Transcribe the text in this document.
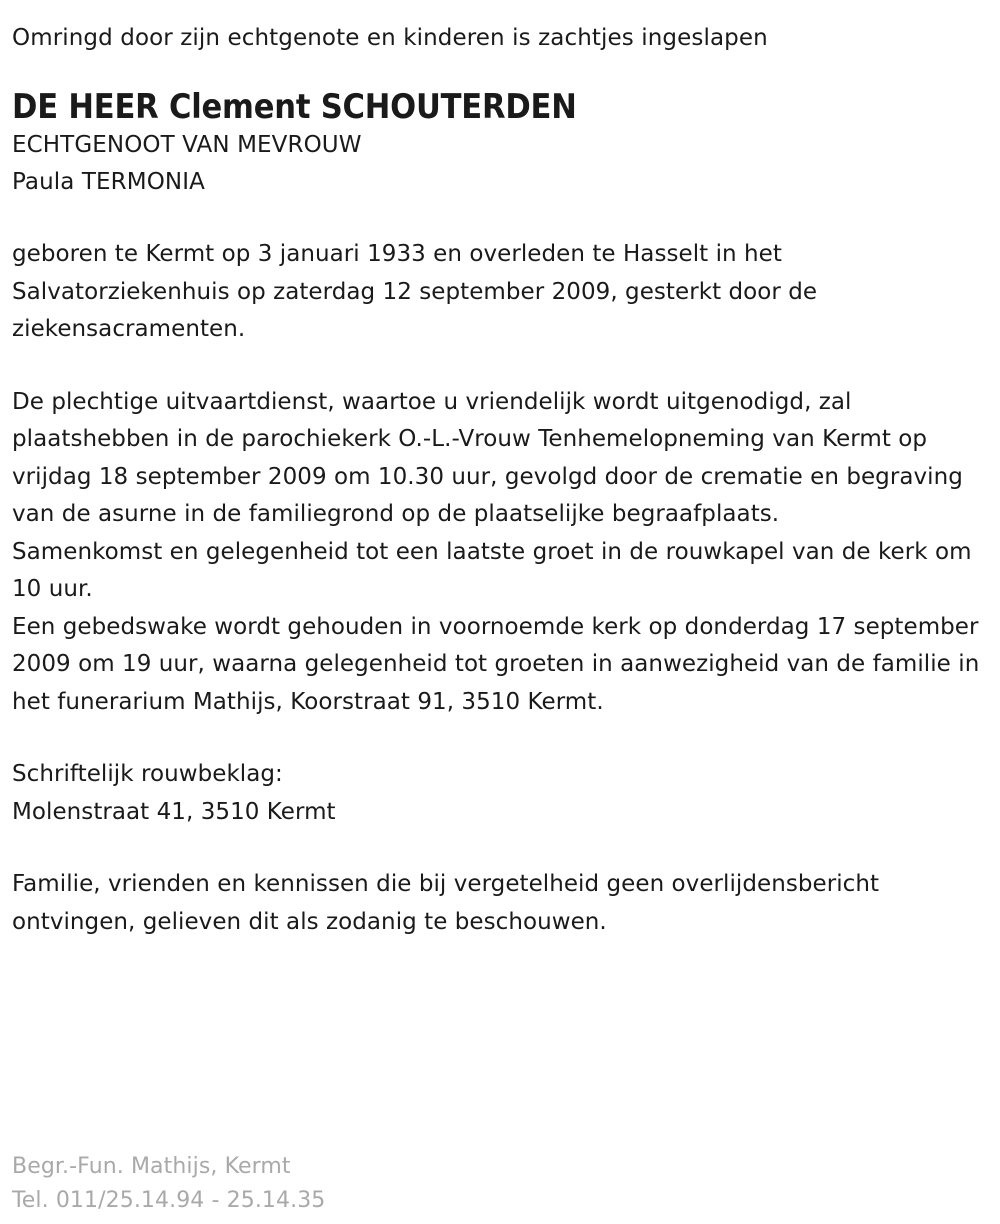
Omringd door zijn echtgenote en kinderen is zachtjes ingeslapen

DE HEER Clement SCHOUTERDEN
ECHTGENOOT VAN MEVROUW
Paula TERMONIA

geboren te Kermt op 3 januari 1933 en overleden te Hasselt in het Salvatorziekenhuis op zaterdag 12 september 2009, gesterkt door de ziekensacramenten.

De plechtige uitvaartdienst, waartoe u vriendelijk wordt uitgenodigd, zal plaatshebben in de parochiekerk O.-L.-Vrouw Tenhemelopneming van Kermt op vrijdag 18 september 2009 om 10.30 uur, gevolgd door de crematie en begraving van de asurne in de familiegrond op de plaatselijke begraafplaats.

Samenkomst en gelegenheid tot een laatste groet in de rouwkapel van de kerk om 10 uur.

Een gebedswake wordt gehouden in voornoemde kerk op donderdag 17 september 2009 om 19 uur, waarna gelegenheid tot groeten in aanwezigheid van de familie in het funerarium Mathijs, Koorstraat 91, 3510 Kermt.

Schriftelijk rouwbeklag:
Molenstraat 41, 3510 Kermt

Familie, vrienden en kennissen die bij vergetelheid geen overlijdensbericht ontvingen, gelieven dit als zodanig te beschouwen.

Begr.-Fun. Mathijs, Kermt
Tel. 011/25.14.94 - 25.14.35
